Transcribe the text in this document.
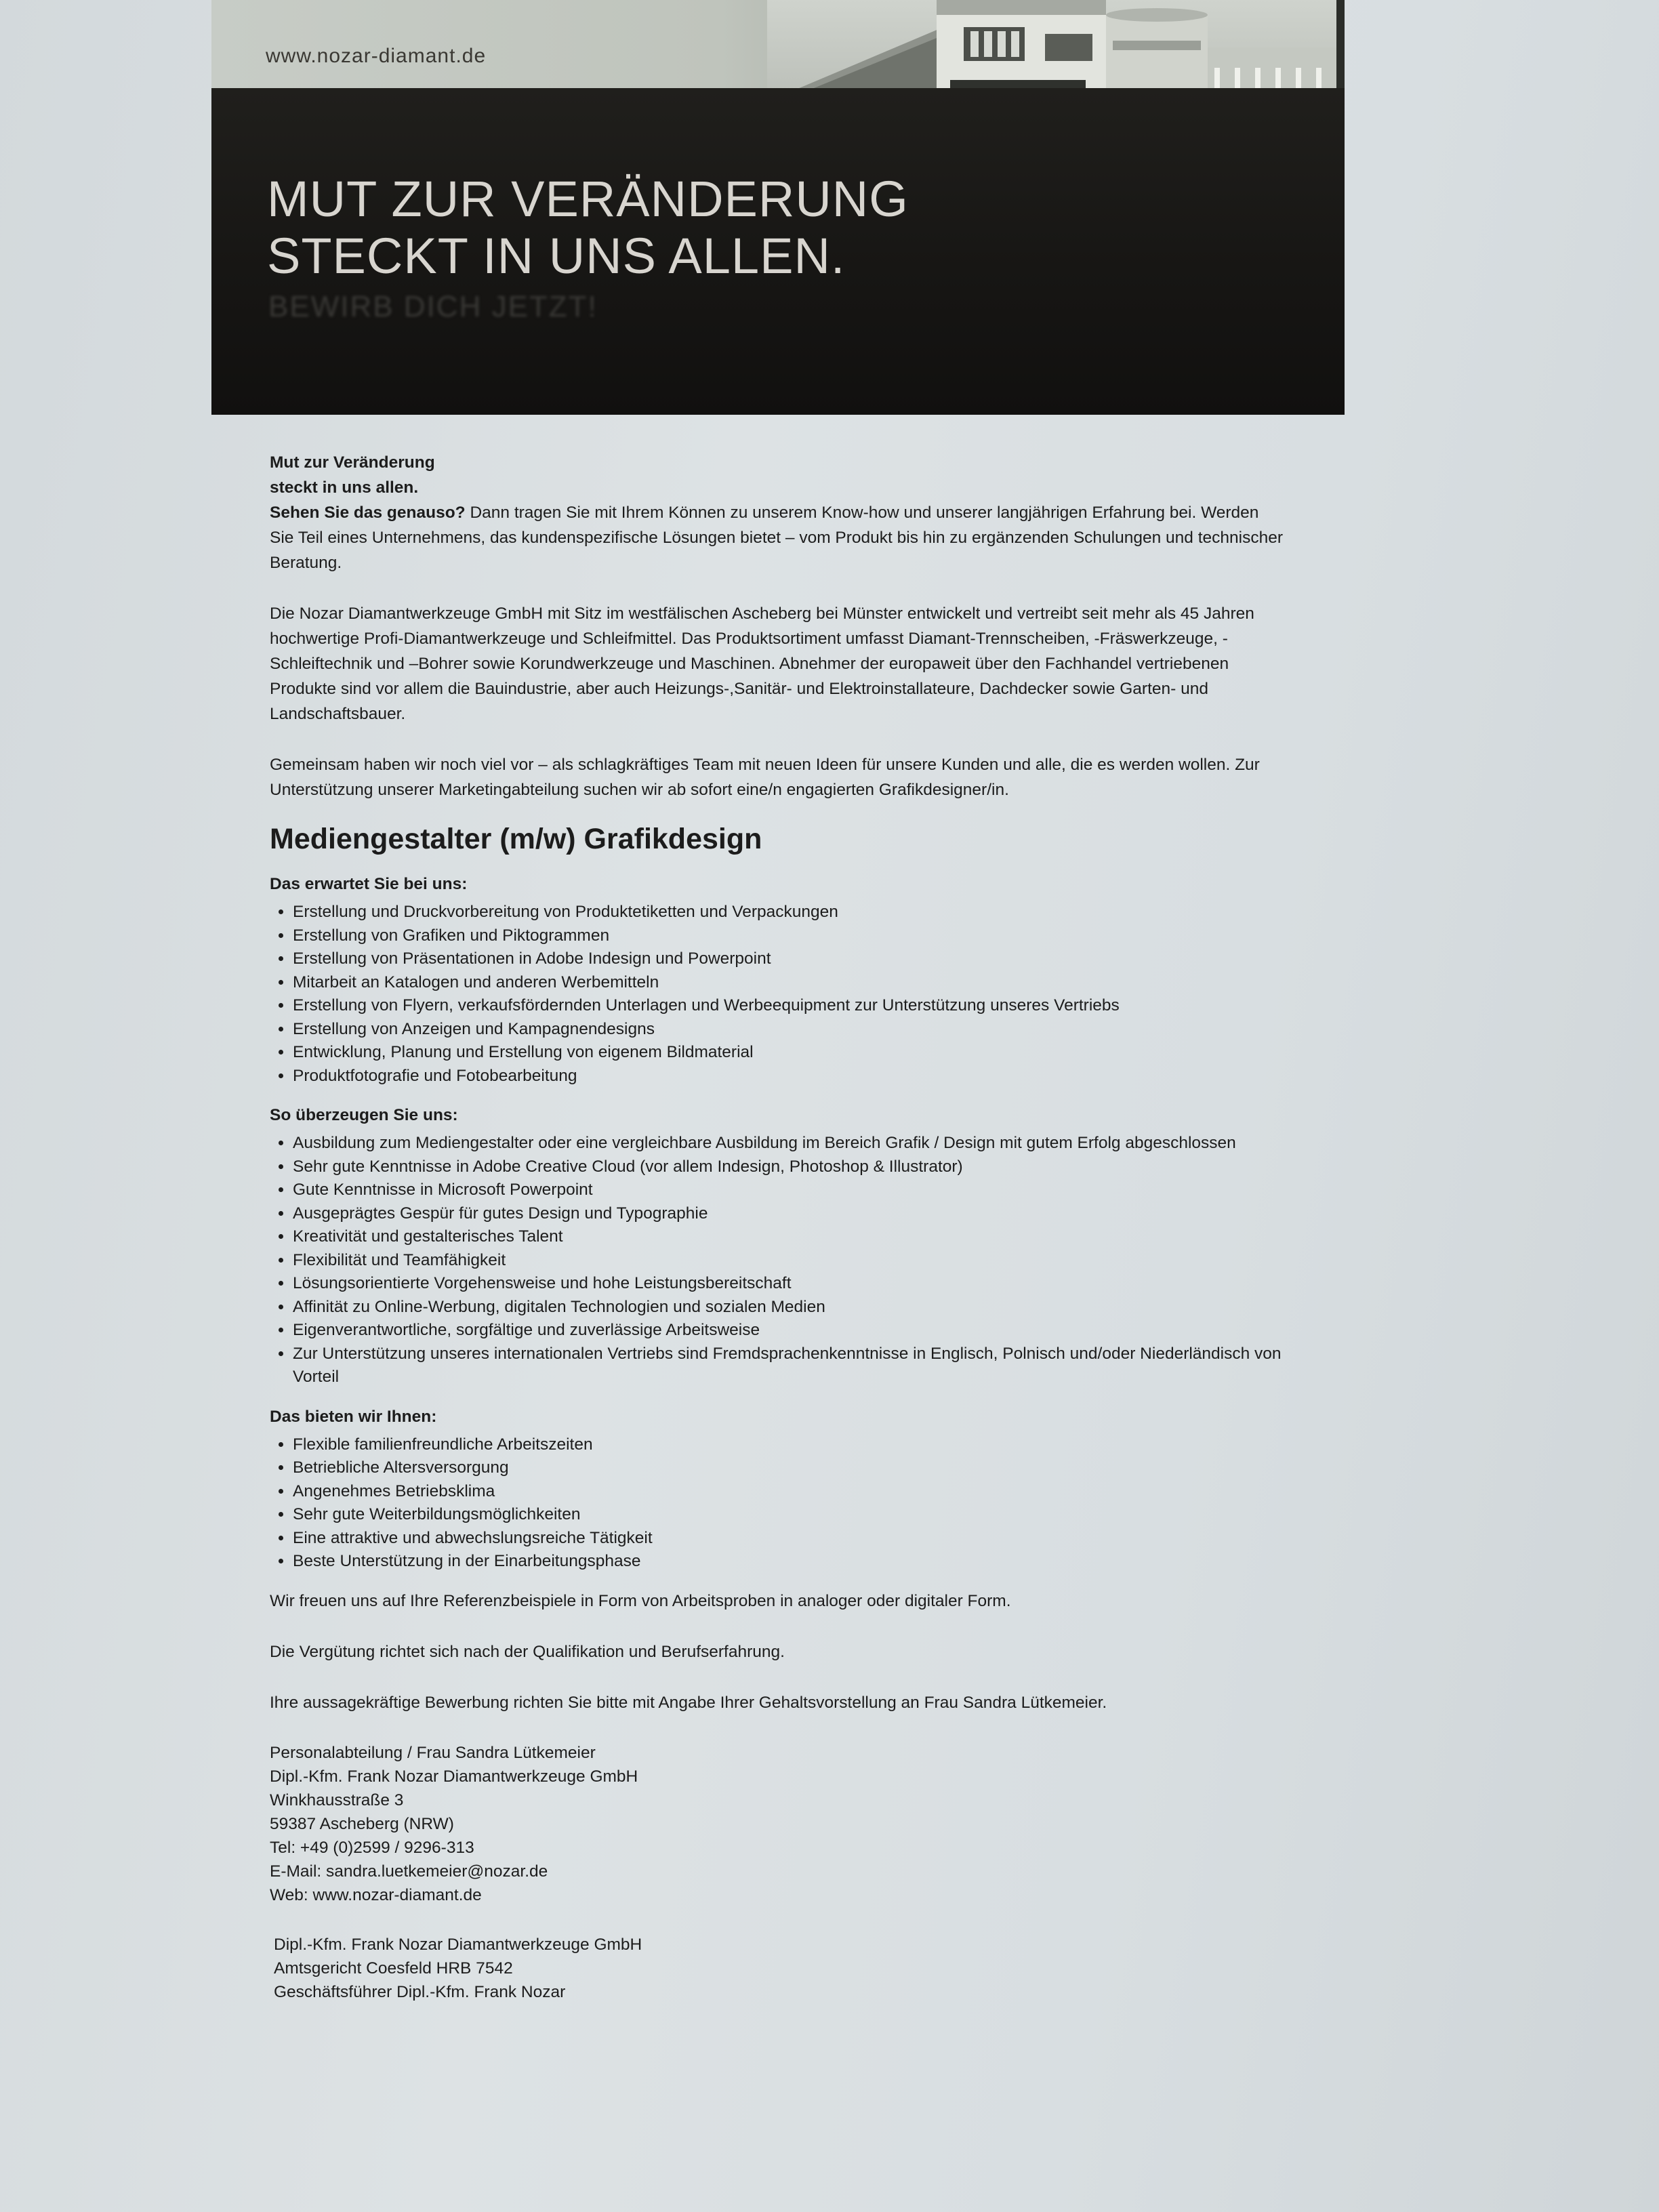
www.nozar-diamant.de
MUT ZUR VERÄNDERUNG
STECKT IN UNS ALLEN.
BEWIRB DICH JETZT!

Mut zur Veränderung
steckt in uns allen.
Sehen Sie das genauso? Dann tragen Sie mit Ihrem Können zu unserem Know-how und unserer langjährigen Erfahrung bei. Werden Sie Teil eines Unternehmens, das kundenspezifische Lösungen bietet – vom Produkt bis hin zu ergänzenden Schulungen und technischer Beratung.

Die Nozar Diamantwerkzeuge GmbH mit Sitz im westfälischen Ascheberg bei Münster entwickelt und vertreibt seit mehr als 45 Jahren hochwertige Profi-Diamantwerkzeuge und Schleifmittel. Das Produktsortiment umfasst Diamant-Trennscheiben, -Fräswerkzeuge, -Schleiftechnik und –Bohrer sowie Korundwerkzeuge und Maschinen. Abnehmer der europaweit über den Fachhandel vertriebenen Produkte sind vor allem die Bauindustrie, aber auch Heizungs-,Sanitär- und Elektroinstallateure, Dachdecker sowie Garten- und Landschaftsbauer.

Gemeinsam haben wir noch viel vor – als schlagkräftiges Team mit neuen Ideen für unsere Kunden und alle, die es werden wollen. Zur Unterstützung unserer Marketingabteilung suchen wir ab sofort eine/n engagierten Grafikdesigner/in.

Mediengestalter (m/w) Grafikdesign
Das erwartet Sie bei uns:
• Erstellung und Druckvorbereitung von Produktetiketten und Verpackungen
• Erstellung von Grafiken und Piktogrammen
• Erstellung von Präsentationen in Adobe Indesign und Powerpoint
• Mitarbeit an Katalogen und anderen Werbemitteln
• Erstellung von Flyern, verkaufsfördernden Unterlagen und Werbeequipment zur Unterstützung unseres Vertriebs
• Erstellung von Anzeigen und Kampagnendesigns
• Entwicklung, Planung und Erstellung von eigenem Bildmaterial
• Produktfotografie und Fotobearbeitung
So überzeugen Sie uns:
• Ausbildung zum Mediengestalter oder eine vergleichbare Ausbildung im Bereich Grafik / Design mit gutem Erfolg abgeschlossen
• Sehr gute Kenntnisse in Adobe Creative Cloud (vor allem Indesign, Photoshop & Illustrator)
• Gute Kenntnisse in Microsoft Powerpoint
• Ausgeprägtes Gespür für gutes Design und Typographie
• Kreativität und gestalterisches Talent
• Flexibilität und Teamfähigkeit
• Lösungsorientierte Vorgehensweise und hohe Leistungsbereitschaft
• Affinität zu Online-Werbung, digitalen Technologien und sozialen Medien
• Eigenverantwortliche, sorgfältige und zuverlässige Arbeitsweise
• Zur Unterstützung unseres internationalen Vertriebs sind Fremdsprachenkenntnisse in Englisch, Polnisch und/oder Niederländisch von Vorteil
Das bieten wir Ihnen:
• Flexible familienfreundliche Arbeitszeiten
• Betriebliche Altersversorgung
• Angenehmes Betriebsklima
• Sehr gute Weiterbildungsmöglichkeiten
• Eine attraktive und abwechslungsreiche Tätigkeit
• Beste Unterstützung in der Einarbeitungsphase

Wir freuen uns auf Ihre Referenzbeispiele in Form von Arbeitsproben in analoger oder digitaler Form.

Die Vergütung richtet sich nach der Qualifikation und Berufserfahrung.

Ihre aussagekräftige Bewerbung richten Sie bitte mit Angabe Ihrer Gehaltsvorstellung an Frau Sandra Lütkemeier.

Personalabteilung / Frau Sandra Lütkemeier
Dipl.-Kfm. Frank Nozar Diamantwerkzeuge GmbH
Winkhausstraße 3
59387 Ascheberg (NRW)
Tel: +49 (0)2599 / 9296-313
E-Mail: sandra.luetkemeier@nozar.de
Web: www.nozar-diamant.de
Dipl.-Kfm. Frank Nozar Diamantwerkzeuge GmbH
Amtsgericht Coesfeld HRB 7542
Geschäftsführer Dipl.-Kfm. Frank Nozar
